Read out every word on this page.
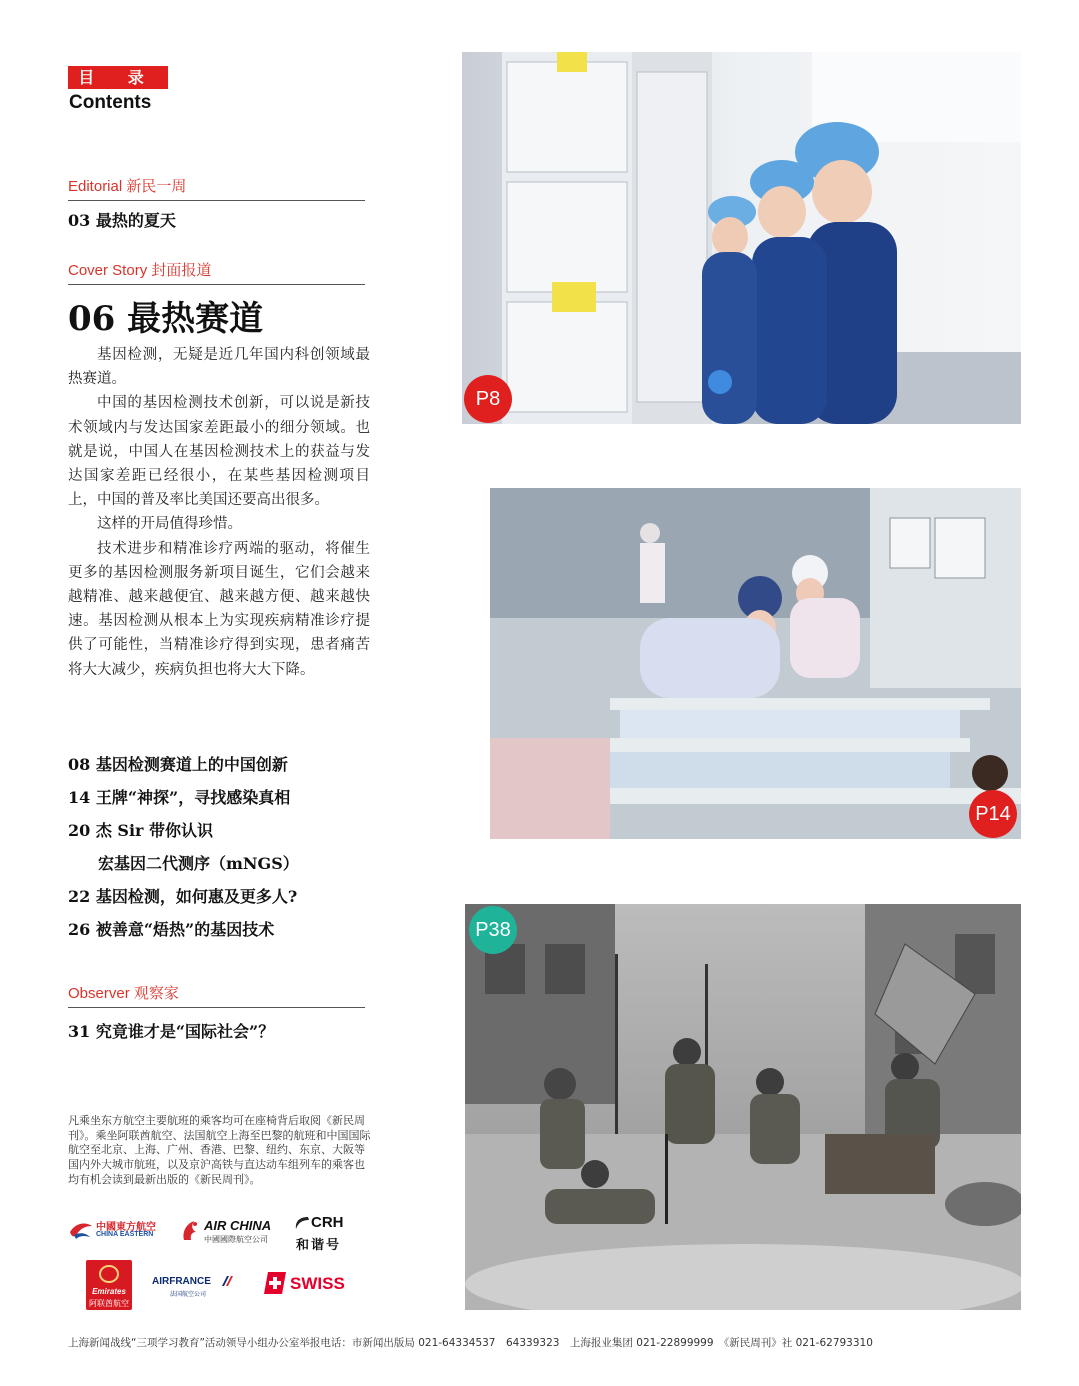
目 录
Contents
Editorial 新民一周
03 最热的夏天
Cover Story 封面报道
06 最热赛道

基因检测，无疑是近几年国内科创领域最热赛道。

中国的基因检测技术创新，可以说是新技术领域内与发达国家差距最小的细分领域。也就是说，中国人在基因检测技术上的获益与发达国家差距已经很小，在某些基因检测项目上，中国的普及率比美国还要高出很多。

这样的开局值得珍惜。

技术进步和精准诊疗两端的驱动，将催生更多的基因检测服务新项目诞生，它们会越来越精准、越来越便宜、越来越方便、越来越快速。基因检测从根本上为实现疾病精准诊疗提供了可能性，当精准诊疗得到实现，患者痛苦将大大减少，疾病负担也将大大下降。

08 基因检测赛道上的中国创新
14 王牌“神探”，寻找感染真相
20 杰 Sir 带你认识
宏基因二代测序（mNGS）
22 基因检测，如何惠及更多人?
26 被善意“焐热”的基因技术
Observer 观察家
31 究竟谁才是“国际社会”？
凡乘坐东方航空主要航班的乘客均可在座椅背后取阅《新民周刊》。乘坐阿联酋航空、法国航空上海至巴黎的航班和中国国际航空至北京、上海、广州、香港、巴黎、纽约、东京、大阪等国内外大城市航班，以及京沪高铁与直达动车组列车的乘客也均有机会读到最新出版的《新民周刊》。
中國東方航空
CHINA EASTERN
AIR CHINA
中國國際航空公司
CRH
和谐号
Emirates
阿联酋航空
AIRFRANCE
法国航空公司
SWISS
上海新闻战线“三项学习教育”活动领导小组办公室举报电话：市新闻出版局 021-64334537　64339323　上海报业集团 021-22899999　《新民周刊》社 021-62793310
P8
P14
P38
